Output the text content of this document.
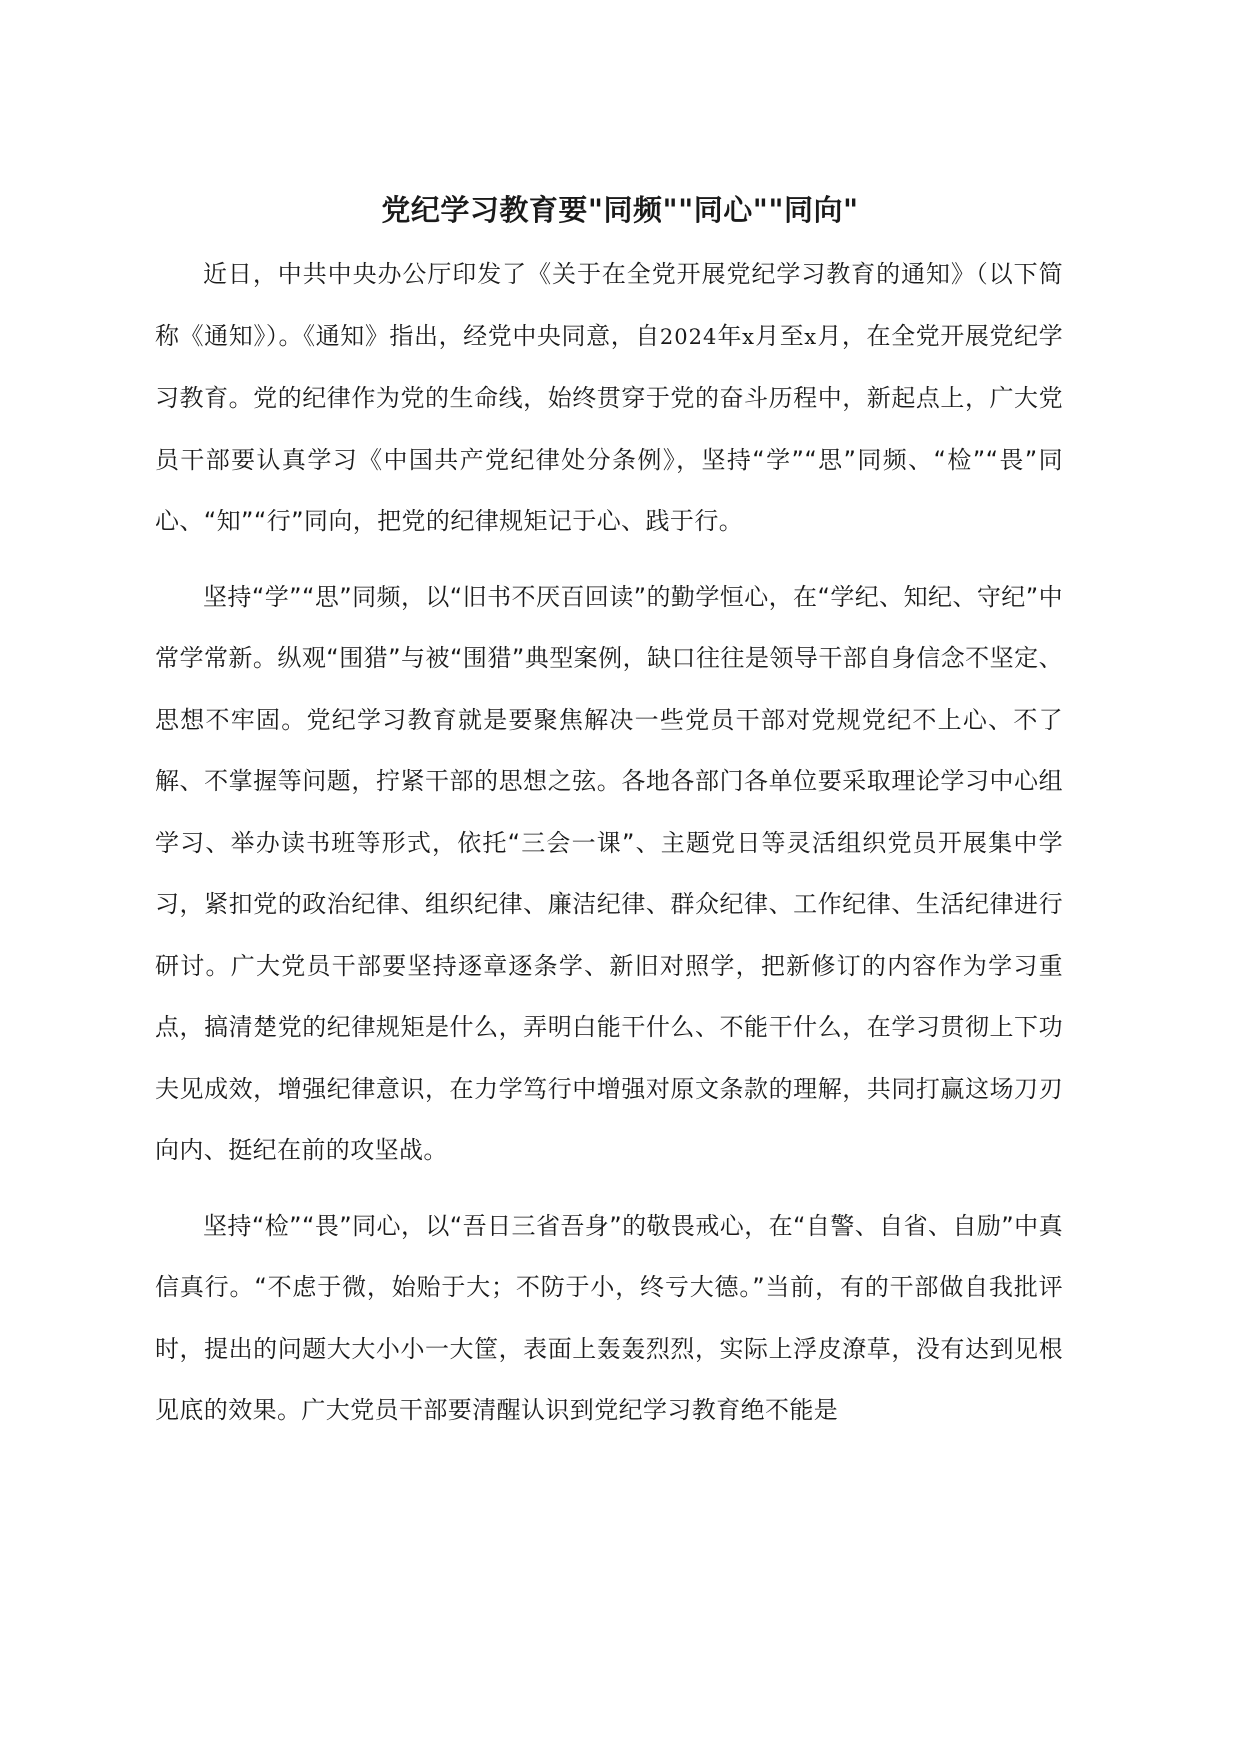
党纪学习教育要"同频""同心""同向"

近日，中共中央办公厅印发了《关于在全党开展党纪学习教育的通知》（以下简称《通知》）。《通知》指出，经党中央同意，自2024年x月至x月，在全党开展党纪学习教育。党的纪律作为党的生命线，始终贯穿于党的奋斗历程中，新起点上，广大党员干部要认真学习《中国共产党纪律处分条例》，坚持“学”“思”同频、“检”“畏”同心、“知”“行”同向，把党的纪律规矩记于心、践于行。

坚持“学”“思”同频，以“旧书不厌百回读”的勤学恒心，在“学纪、知纪、守纪”中常学常新。纵观“围猎”与被“围猎”典型案例，缺口往往是领导干部自身信念不坚定、思想不牢固。党纪学习教育就是要聚焦解决一些党员干部对党规党纪不上心、不了解、不掌握等问题，拧紧干部的思想之弦。各地各部门各单位要采取理论学习中心组学习、举办读书班等形式，依托“三会一课”、主题党日等灵活组织党员开展集中学习，紧扣党的政治纪律、组织纪律、廉洁纪律、群众纪律、工作纪律、生活纪律进行研讨。广大党员干部要坚持逐章逐条学、新旧对照学，把新修订的内容作为学习重点，搞清楚党的纪律规矩是什么，弄明白能干什么、不能干什么，在学习贯彻上下功夫见成效，增强纪律意识，在力学笃行中增强对原文条款的理解，共同打赢这场刀刃向内、挺纪在前的攻坚战。

坚持“检”“畏”同心，以“吾日三省吾身”的敬畏戒心，在“自警、自省、自励”中真信真行。“不虑于微，始贻于大；不防于小，终亏大德。”当前，有的干部做自我批评时，提出的问题大大小小一大筐，表面上轰轰烈烈，实际上浮皮潦草，没有达到见根见底的效果。广大党员干部要清醒认识到党纪学习教育绝不能是
